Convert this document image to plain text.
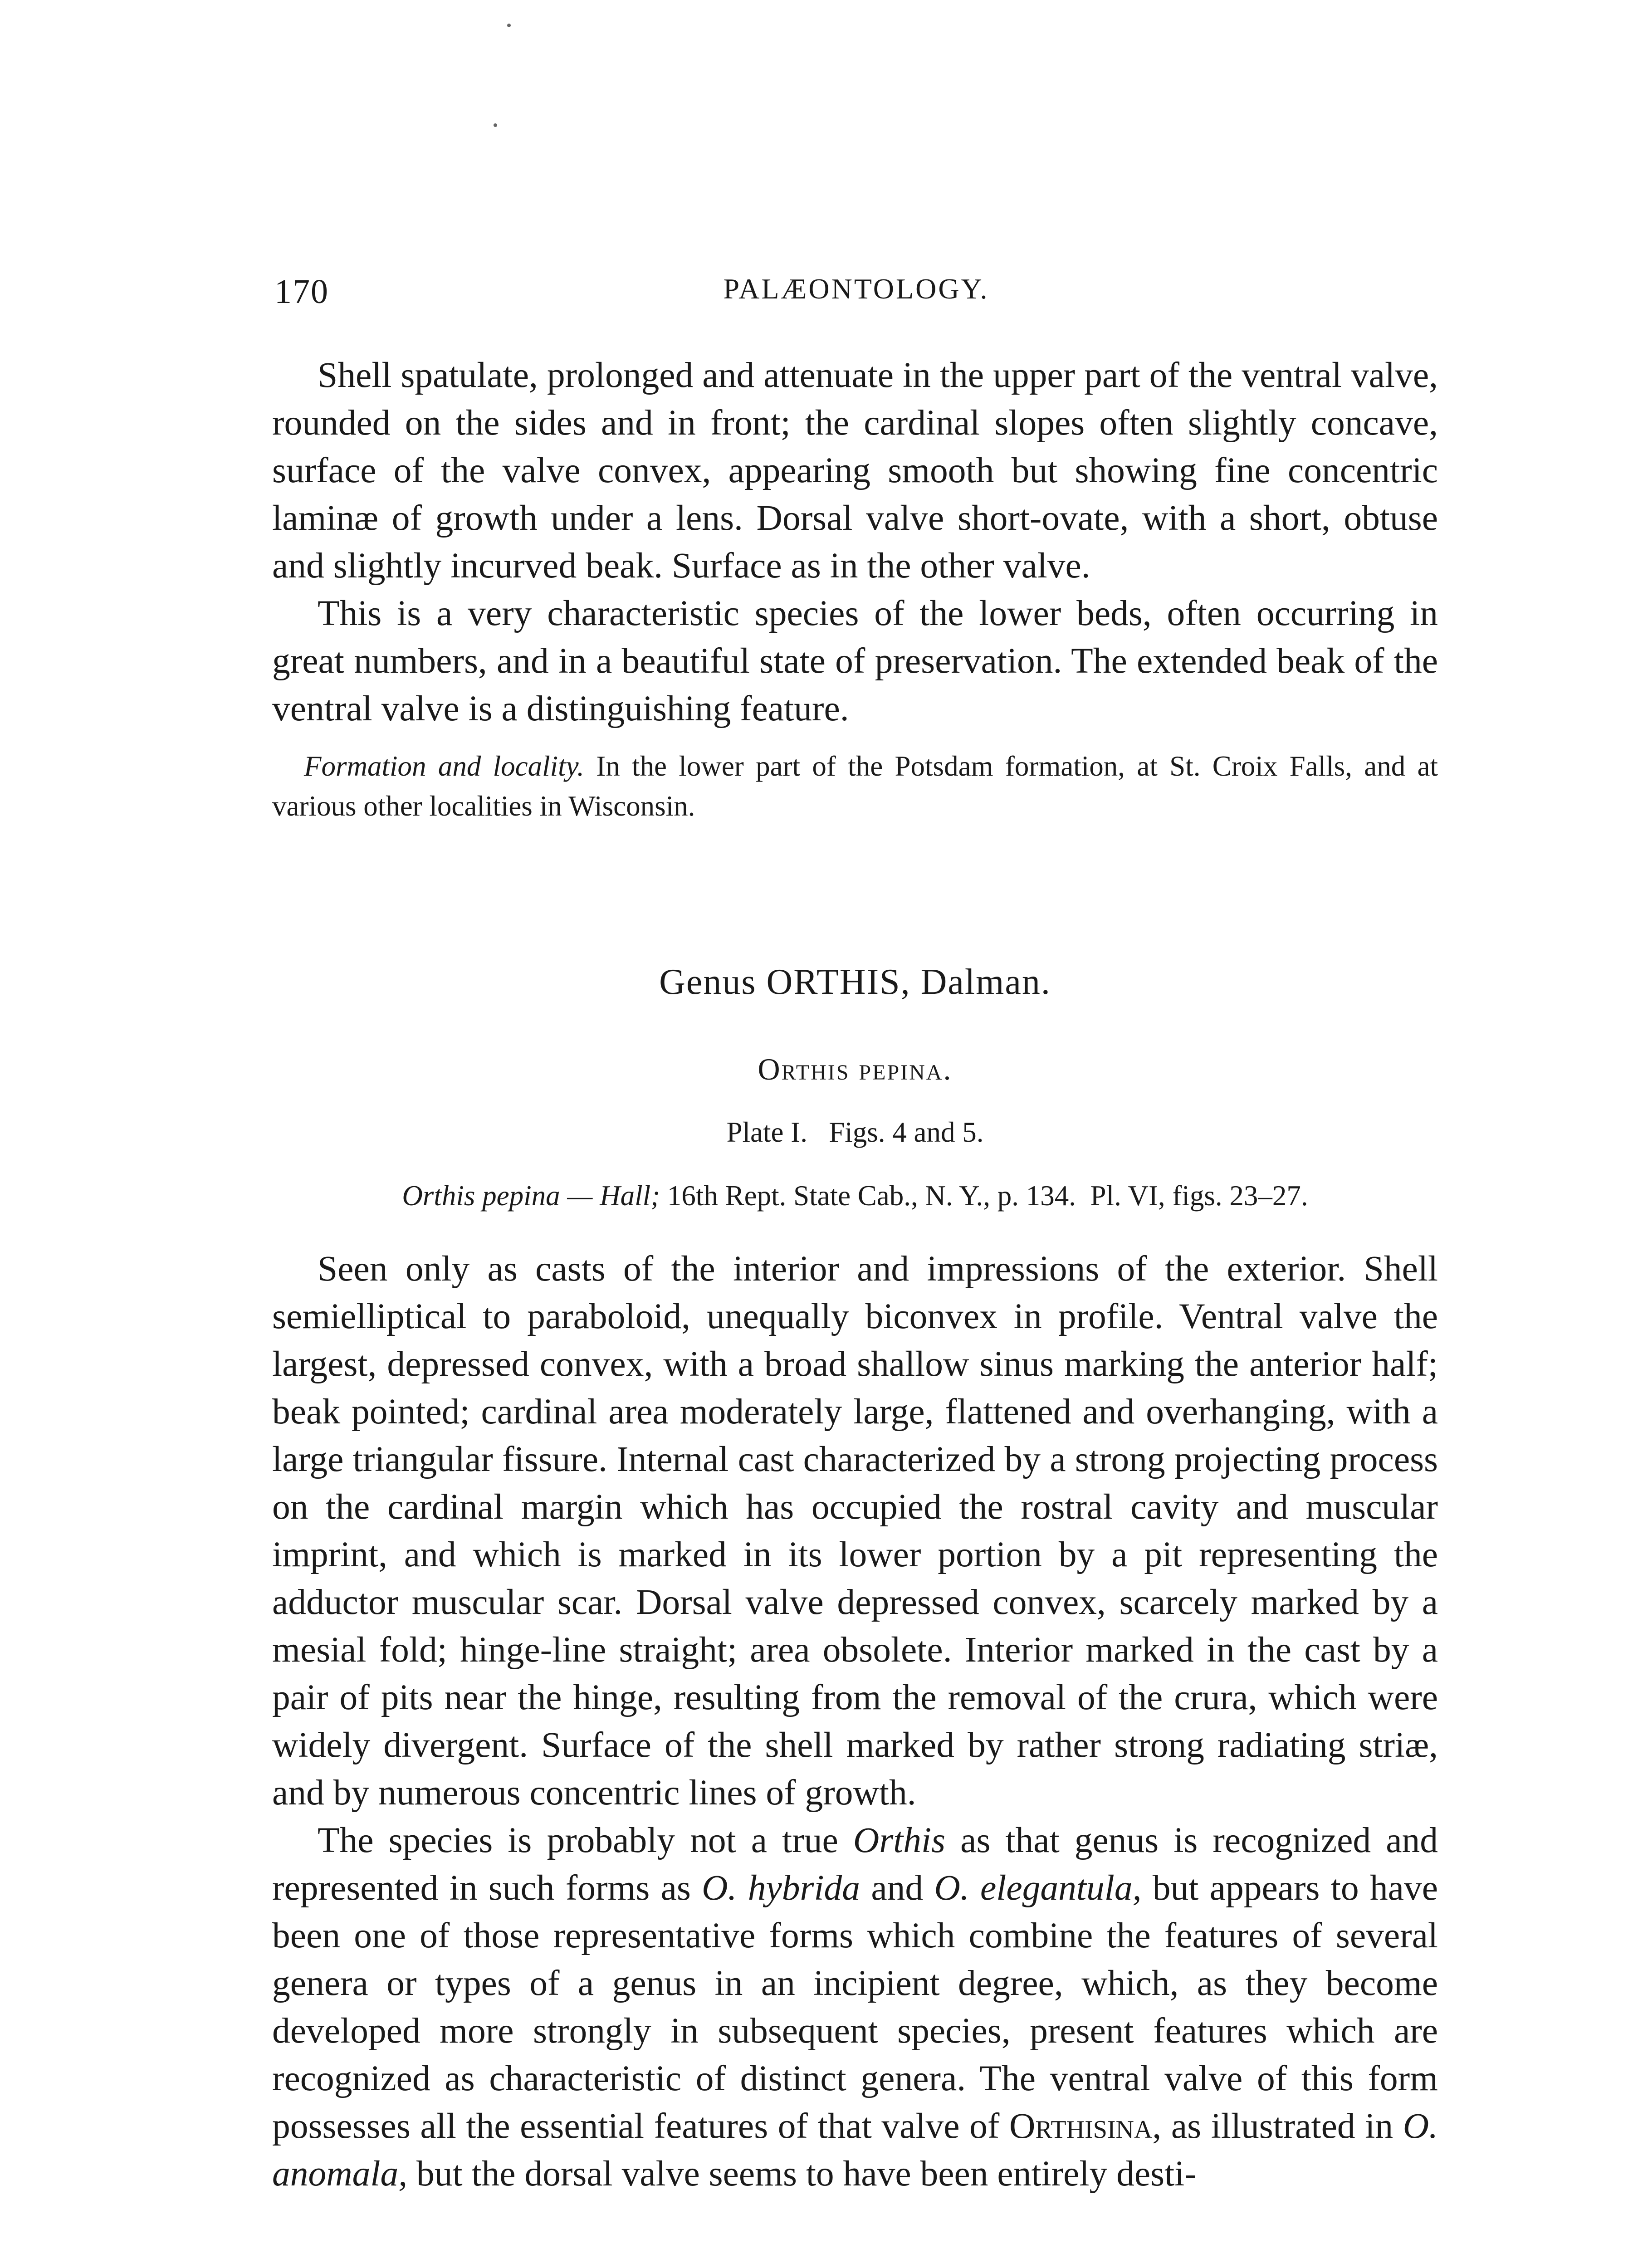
170	PALÆONTOLOGY.

Shell spatulate, prolonged and attenuate in the upper part of the ventral valve, rounded on the sides and in front; the cardinal slopes often slightly concave, surface of the valve convex, appearing smooth but showing fine concentric laminæ of growth under a lens. Dorsal valve short-ovate, with a short, obtuse and slightly incurved beak. Surface as in the other valve.

This is a very characteristic species of the lower beds, often occurring in great numbers, and in a beautiful state of preservation. The extended beak of the ventral valve is a distinguishing feature.

Formation and locality. In the lower part of the Potsdam formation, at St. Croix Falls, and at various other localities in Wisconsin.

Genus ORTHIS, Dalman.
Orthis pepina.
Plate I.   Figs. 4 and 5.
Orthis pepina — Hall; 16th Rept. State Cab., N. Y., p. 134.  Pl. VI, figs. 23–27.

Seen only as casts of the interior and impressions of the exterior. Shell semielliptical to paraboloid, unequally biconvex in profile. Ventral valve the largest, depressed convex, with a broad shallow sinus marking the anterior half; beak pointed; cardinal area moderately large, flattened and overhanging, with a large triangular fissure. Internal cast characterized by a strong projecting process on the cardinal margin which has occupied the rostral cavity and muscular imprint, and which is marked in its lower portion by a pit representing the adductor muscular scar. Dorsal valve depressed convex, scarcely marked by a mesial fold; hinge-line straight; area obsolete. Interior marked in the cast by a pair of pits near the hinge, resulting from the removal of the crura, which were widely divergent. Surface of the shell marked by rather strong radiating striæ, and by numerous concentric lines of growth.

The species is probably not a true Orthis as that genus is recognized and represented in such forms as O. hybrida and O. elegantula, but appears to have been one of those representative forms which combine the features of several genera or types of a genus in an incipient degree, which, as they become developed more strongly in subsequent species, present features which are recognized as characteristic of distinct genera. The ventral valve of this form possesses all the essential features of that valve of Orthisina, as illustrated in O. anomala, but the dorsal valve seems to have been entirely desti-
